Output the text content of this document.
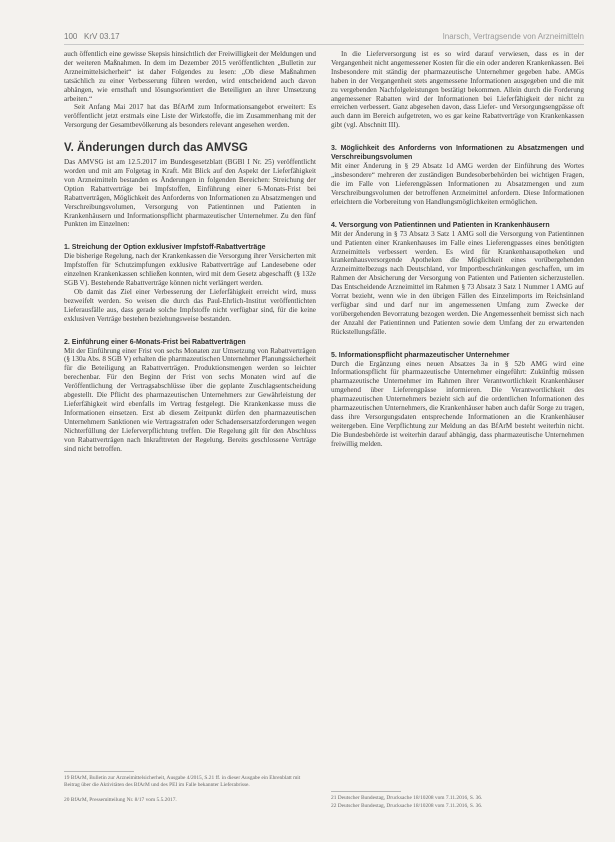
100 KrV 03.17	Inarsch, Vertragsende von Arzneimitteln

auch öffentlich eine gewisse Skepsis hinsichtlich der Freiwilligkeit der Meldungen und der weiteren Maßnahmen. In dem im Dezember 2015 veröffentlichten „Bulletin zur Arzneimittelsicherheit“ ist daher Folgendes zu lesen: „Ob diese Maßnahmen tatsächlich zu einer Verbesserung führen werden, wird entscheidend auch davon abhängen, wie ernsthaft und lösungsorientiert die Beteiligten an ihrer Umsetzung arbeiten.“

Seit Anfang Mai 2017 hat das BfArM zum Informationsangebot erweitert: Es veröffentlicht jetzt erstmals eine Liste der Wirkstoffe, die im Zusammenhang mit der Versorgung der Gesamtbevölkerung als besonders relevant angesehen werden.

V. Änderungen durch das AMVSG

Das AMVSG ist am 12.5.2017 im Bundesgesetzblatt (BGBl I Nr. 25) veröffentlicht worden und mit am Folgetag in Kraft. Mit Blick auf den Aspekt der Lieferfähigkeit von Arzneimitteln bestanden es Änderungen in folgenden Bereichen: Streichung der Option Rabattverträge bei Impfstoffen, Einführung einer 6-Monats-Frist bei Rabattverträgen, Möglichkeit des Anforderns von Informationen zu Absatzmengen und Verschreibungsvolumen, Versorgung von Patientinnen und Patienten in Krankenhäusern und Informationspflicht pharmazeutischer Unternehmer. Zu den fünf Punkten im Einzelnen:

1. Streichung der Option exklusiver Impfstoff-Rabattverträge

Die bisherige Regelung, nach der Krankenkassen die Versorgung ihrer Versicherten mit Impfstoffen für Schutzimpfungen exklusive Rabattverträge auf Landesebene oder einzelnen Krankenkassen schließen konnten, wird mit dem Gesetz abgeschafft (§ 132e SGB V). Bestehende Rabattverträge können nicht verlängert werden.

Ob damit das Ziel einer Verbesserung der Lieferfähigkeit erreicht wird, muss bezweifelt werden. So weisen die durch das Paul-Ehrlich-Institut veröffentlichten Lieferausfälle aus, dass gerade solche Impfstoffe nicht verfügbar sind, für die keine exklusiven Verträge bestehen beziehungsweise bestanden.

2. Einführung einer 6-Monats-Frist bei Rabattverträgen

Mit der Einführung einer Frist von sechs Monaten zur Umsetzung von Rabattverträgen (§ 130a Abs. 8 SGB V) erhalten die pharmazeutischen Unternehmer Planungssicherheit für die Beteiligung an Rabattverträgen. Produktionsmengen werden so leichter berechenbar. Für den Beginn der Frist von sechs Monaten wird auf die Veröffentlichung der Vertragsabschlüsse über die geplante Zuschlagsentscheidung abgestellt. Die Pflicht des pharmazeutischen Unternehmers zur Gewährleistung der Lieferfähigkeit wird ebenfalls im Vertrag festgelegt. Die Krankenkasse muss die Informationen einsetzen. Erst ab diesem Zeitpunkt dürfen den pharmazeutischen Unternehmern Sanktionen wie Vertragsstrafen oder Schadensersatzforderungen wegen Nichterfüllung der Lieferverpflichtung treffen. Die Regelung gilt für den Abschluss von Rabattverträgen nach Inkrafttreten der Regelung. Bereits geschlossene Verträge sind nicht betroffen.

In die Lieferversorgung ist es so wird darauf verwiesen, dass es in der Vergangenheit nicht angemessener Kosten für die ein oder anderen Krankenkassen. Bei Insbesondere mit ständig der pharmazeutische Unternehmer gegeben habe. AMGs haben in der Vergangenheit stets angemessene Informationen ausgegeben und die mit zu vergebenden Nachfolgeleistungen bestätigt bekommen. Allein durch die Forderung angemessener Rabatten wird der Informationen bei Lieferfähigkeit der nicht zu erreichen verbessert. Ganz abgesehen davon, dass Liefer- und Versorgungsengpässe oft auch dann im Bereich aufgetreten, wo es gar keine Rabattverträge von Krankenkassen gibt (vgl. Abschnitt III).

3. Möglichkeit des Anforderns von Informationen zu Absatzmengen und Verschreibungsvolumen

Mit einer Änderung in § 29 Absatz 1d AMG werden der Einführung des Wortes „insbesondere“ mehreren der zuständigen Bundesoberbehörden bei wichtigen Fragen, die im Falle von Lieferengpässen Informationen zu Absatzmengen und zum Verschreibungsvolumen der betroffenen Arzneimittel anfordern. Diese Informationen erleichtern die Vorbereitung von Handlungsmöglichkeiten ermöglichen.

4. Versorgung von Patientinnen und Patienten in Krankenhäusern

Mit der Änderung in § 73 Absatz 3 Satz 1 AMG soll die Versorgung von Patientinnen und Patienten einer Krankenhauses im Falle eines Lieferengpasses eines benötigten Arzneimittels verbessert werden. Es wird für Krankenhausapotheken und krankenhausversorgende Apotheken die Möglichkeit eines vorübergehenden Arzneimittelbezugs nach Deutschland, vor Importbeschränkungen geschaffen, um im Rahmen der Absicherung der Versorgung von Patienten und Patienten sicherzustellen. Das Entscheidende Arzneimittel im Rahmen § 73 Absatz 3 Satz 1 Nummer 1 AMG auf Vorrat bezieht, wenn wie in den übrigen Fällen des Einzelimports im Reichsinland verfügbar sind und darf nur im angemessenen Umfang zum Zwecke der vorübergehenden Bevorratung bezogen werden. Die Angemessenheit bemisst sich nach der Anzahl der Patientinnen und Patienten sowie dem Umfang der zu erwartenden Rückstellungsfälle.

5. Informationspflicht pharmazeutischer Unternehmer

Durch die Ergänzung eines neuen Absatzes 3a in § 52b AMG wird eine Informationspflicht für pharmazeutische Unternehmer eingeführt: Zukünftig müssen pharmazeutische Unternehmer im Rahmen ihrer Verantwortlichkeit Krankenhäuser umgehend über Lieferengpässe informieren. Die Verantwortlichkeit des pharmazeutischen Unternehmers bezieht sich auf die ordentlichen Informationen des pharmazeutischen Unternehmers, die Krankenhäuser haben auch dafür Sorge zu tragen, dass ihre Versorgungsdaten entsprechende Informationen an die Krankenhäuser weitergeben. Eine Verpflichtung zur Meldung an das BfArM besteht weiterhin nicht. Die Bundesbehörde ist weiterhin darauf abhängig, dass pharmazeutische Unternehmen freiwillig melden.

19 BfArM, Bulletin zur Arzneimittelsicherheit, Ausgabe 4/2015, S.21 ff. in dieser Ausgabe ein Ehrenblatt mit Beitrag über die Aktivitäten des BfArM und des PEI im Falle bekannter Lieferabrisse.
20 BfArM, Pressemitteilung Nr. 8/17 vom 5.5.2017.	21 Deutscher Bundestag, Drucksache 18/10208 vom 7.11.2016, S. 36.
22 Deutscher Bundestag, Drucksache 18/10208 vom 7.11.2016, S. 36.
